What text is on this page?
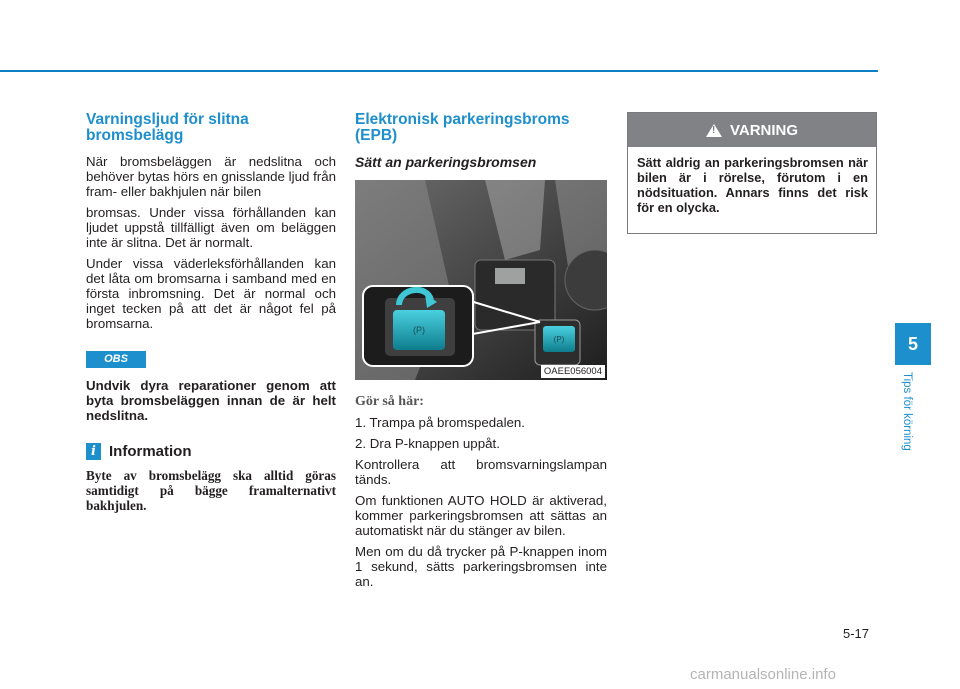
Varningsljud för slitna bromsbelägg

När bromsbeläggen är nedslitna och behöver bytas hörs en gnisslande ljud från fram- eller bakhjulen när bilen

bromsas. Under vissa förhållanden kan ljudet uppstå tillfälligt även om beläggen inte är slitna. Det är normalt.

Under vissa väderleksförhållanden kan det låta om bromsarna i samband med en första inbromsning. Det är normal och inget tecken på att det är något fel på bromsarna.

OBS

Undvik dyra reparationer genom att byta bromsbeläggen innan de är helt nedslitna.

i Information

Byte av bromsbelägg ska alltid göras samtidigt på bägge framalternativt bakhjulen.

Elektronisk parkeringsbroms (EPB)
Sätt an parkeringsbromsen
(P)
(P)
OAEE056004

Gör så här:

1. Trampa på bromspedalen.

2. Dra P-knappen uppåt.

Kontrollera att bromsvarningslampan tänds.

Om funktionen AUTO HOLD är aktiverad, kommer parkeringsbromsen att sättas an automatiskt när du stänger av bilen.

Men om du då trycker på P-knappen inom 1 sekund, sätts parkeringsbromsen inte an.

! VARNING
Sätt aldrig an parkeringsbromsen när bilen är i rörelse, förutom i en nödsituation. Annars finns det risk för en olycka.
5
Tips för körning
5-17
carmanualsonline.info
